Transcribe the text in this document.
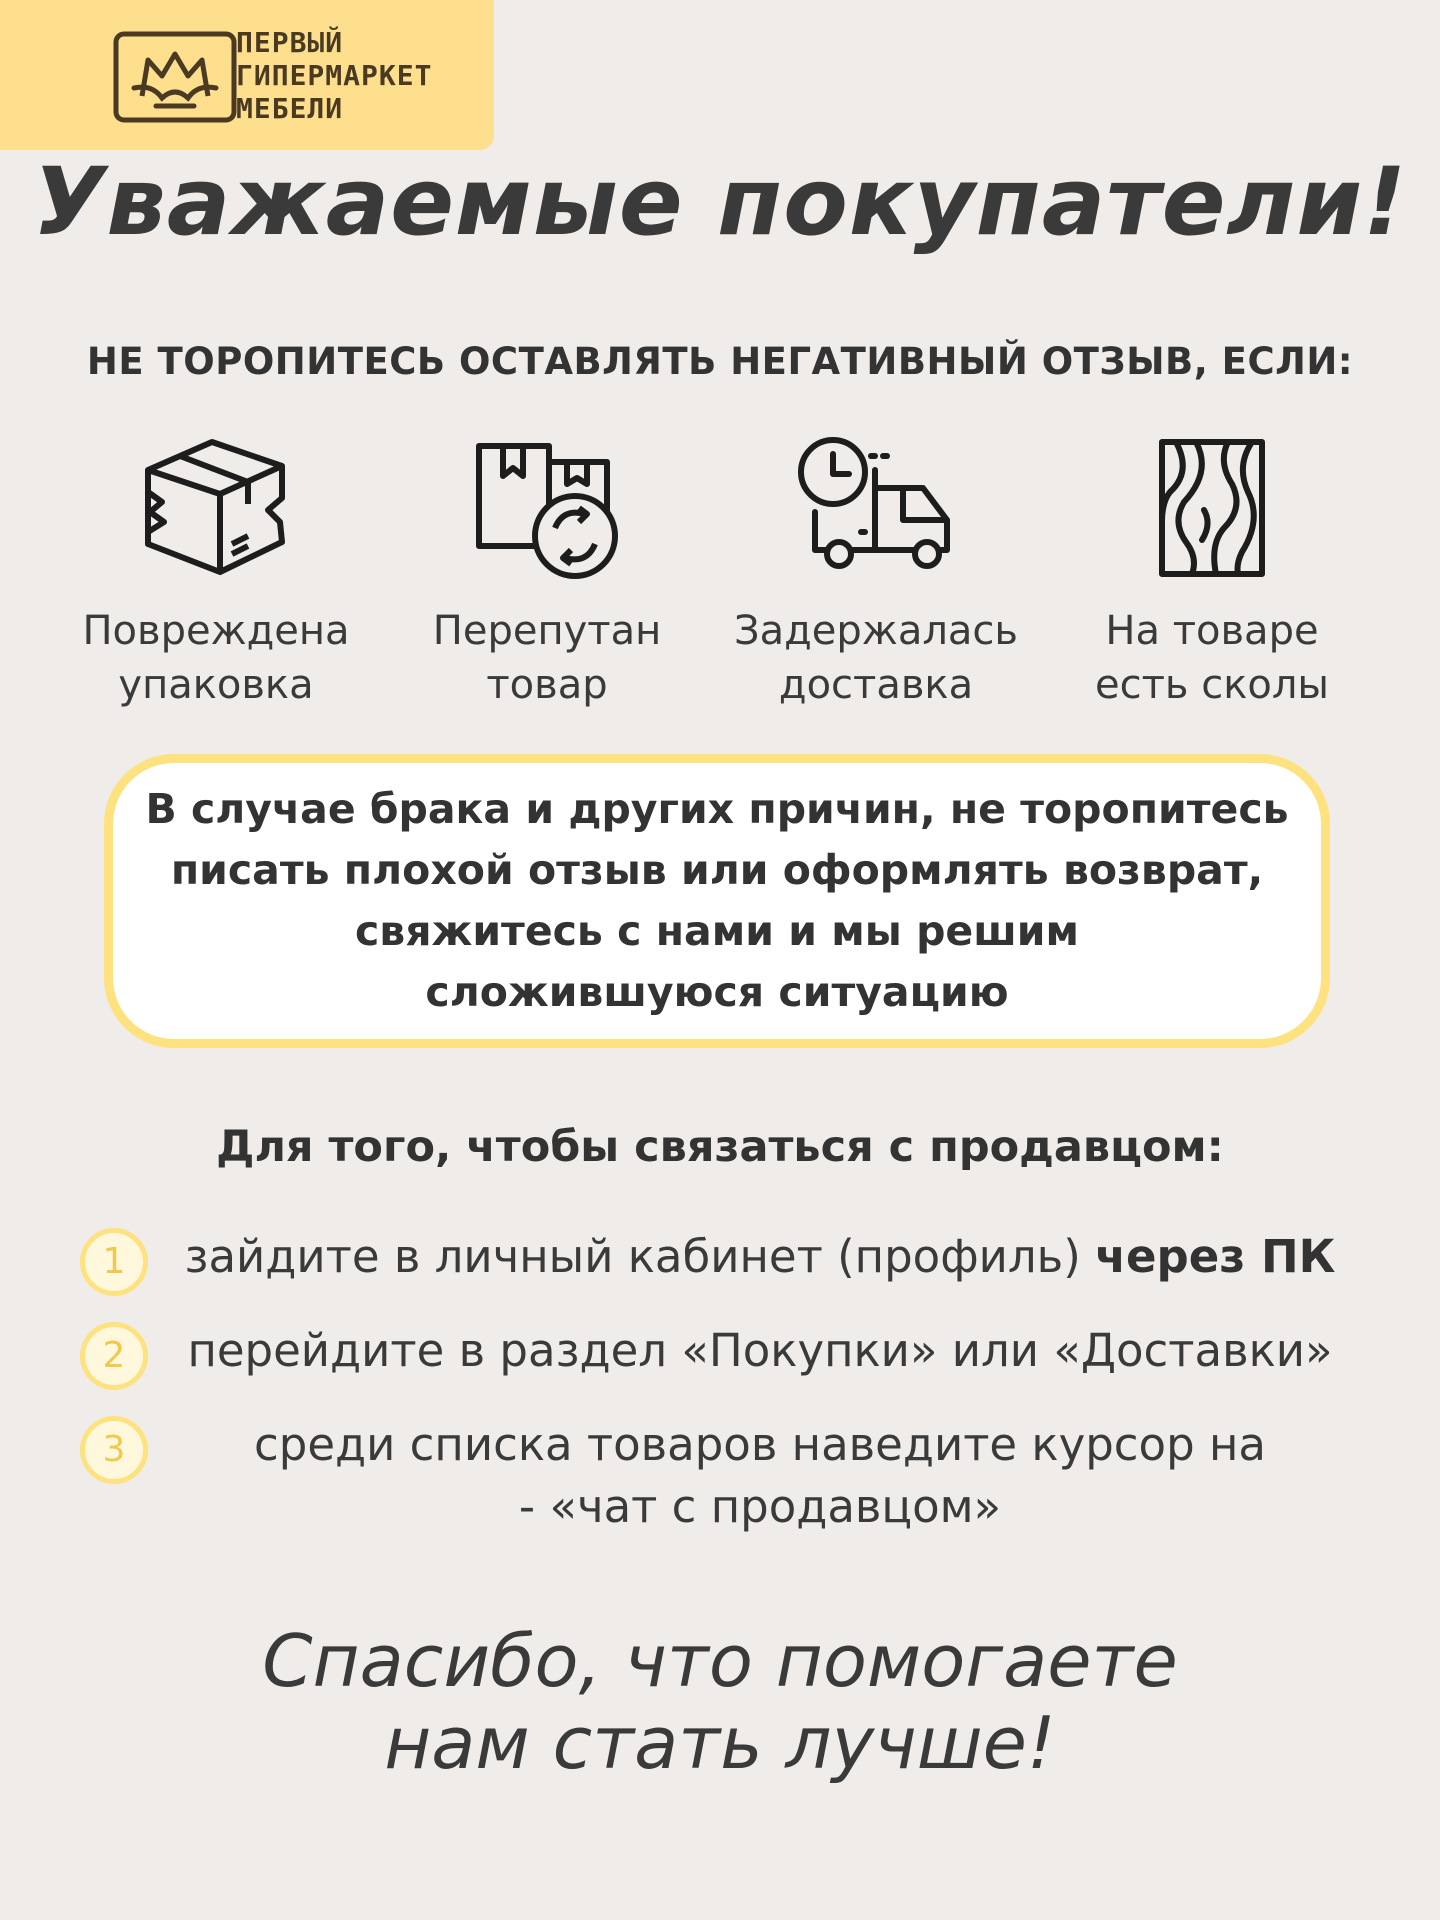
ПЕРВЫЙ
ГИПЕРМАРКЕТ
МЕБЕЛИ
Уважаемые покупатели!
НЕ ТОРОПИТЕСЬ ОСТАВЛЯТЬ НЕГАТИВНЫЙ ОТЗЫВ, ЕСЛИ:
Повреждена
упаковка
Перепутан
товар
Задержалась
доставка
На товаре
есть сколы

В случае брака и других причин, не торопитесь
писать плохой отзыв или оформлять возврат,
свяжитесь с нами и мы решим
сложившуюся ситуацию

Для того, чтобы связаться с продавцом:
1	зайдите в личный кабинет (профиль) через ПК
2	перейдите в раздел «Покупки» или «Доставки»
3	среди списка товаров наведите курсор на
- «чат с продавцом»

Спасибо, что помогаете
нам стать лучше!
